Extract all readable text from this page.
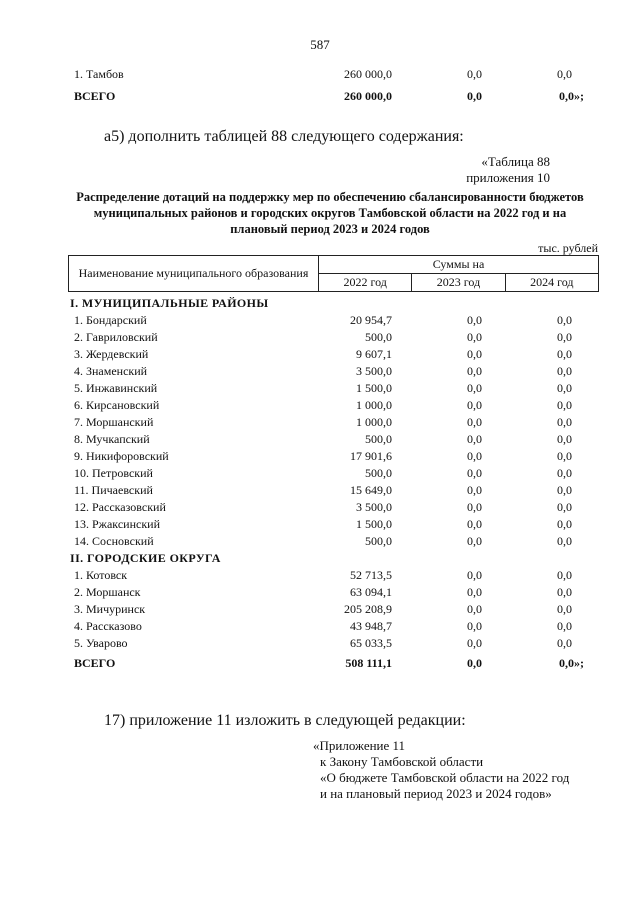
587
1. Тамбов	260 000,0	0,0	0,0
ВСЕГО	260 000,0	0,0	0,0»;
а5) дополнить таблицей 88 следующего содержания:
«Таблица 88
приложения 10
Распределение дотаций на поддержку мер по обеспечению сбалансированности бюджетов муниципальных районов и городских округов Тамбовской области на 2022 год и на плановый период 2023 и 2024 годов
тыс. рублей
Наименование муниципального образования	Суммы на		
	2022 год	2023 год	2024 год
I. МУНИЦИПАЛЬНЫЕ РАЙОНЫ
1. Бондарский	20 954,7	0,0	0,0
2. Гавриловский	500,0	0,0	0,0
3. Жердевский	9 607,1	0,0	0,0
4. Знаменский	3 500,0	0,0	0,0
5. Инжавинский	1 500,0	0,0	0,0
6. Кирсановский	1 000,0	0,0	0,0
7. Моршанский	1 000,0	0,0	0,0
8. Мучкапский	500,0	0,0	0,0
9. Никифоровский	17 901,6	0,0	0,0
10. Петровский	500,0	0,0	0,0
11. Пичаевский	15 649,0	0,0	0,0
12. Рассказовский	3 500,0	0,0	0,0
13. Ржаксинский	1 500,0	0,0	0,0
14. Сосновский	500,0	0,0	0,0
II. ГОРОДСКИЕ ОКРУГА
1. Котовск	52 713,5	0,0	0,0
2. Моршанск	63 094,1	0,0	0,0
3. Мичуринск	205 208,9	0,0	0,0
4. Рассказово	43 948,7	0,0	0,0
5. Уварово	65 033,5	0,0	0,0
ВСЕГО	508 111,1	0,0	0,0»;
17) приложение 11 изложить в следующей редакции:
«Приложение 11
к Закону Тамбовской области
«О бюджете Тамбовской области на 2022 год
и на плановый период 2023 и 2024 годов»
